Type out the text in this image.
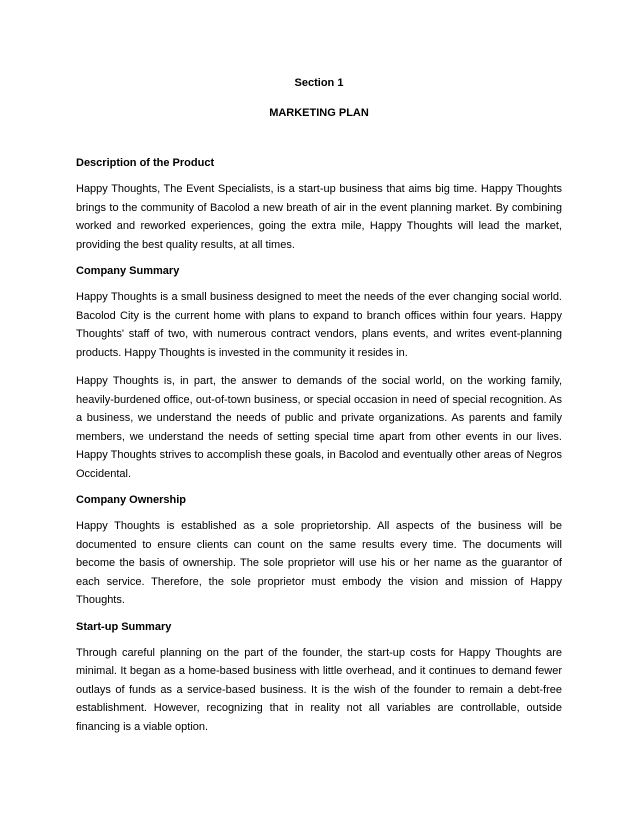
Section 1

MARKETING PLAN

Description of the Product

Happy Thoughts, The Event Specialists, is a start-up business that aims big time. Happy Thoughts brings to the community of Bacolod a new breath of air in the event planning market. By combining worked and reworked experiences, going the extra mile, Happy Thoughts will lead the market, providing the best quality results, at all times.

Company Summary

Happy Thoughts is a small business designed to meet the needs of the ever changing social world. Bacolod City is the current home with plans to expand to branch offices within four years. Happy Thoughts' staff of two, with numerous contract vendors, plans events, and writes event-planning products. Happy Thoughts is invested in the community it resides in.

Happy Thoughts is, in part, the answer to demands of the social world, on the working family, heavily-burdened office, out-of-town business, or special occasion in need of special recognition. As a business, we understand the needs of public and private organizations. As parents and family members, we understand the needs of setting special time apart from other events in our lives. Happy Thoughts strives to accomplish these goals, in Bacolod and eventually other areas of Negros Occidental.

Company Ownership

Happy Thoughts is established as a sole proprietorship. All aspects of the business will be documented to ensure clients can count on the same results every time. The documents will become the basis of ownership. The sole proprietor will use his or her name as the guarantor of each service. Therefore, the sole proprietor must embody the vision and mission of Happy Thoughts.

Start-up Summary

Through careful planning on the part of the founder, the start-up costs for Happy Thoughts are minimal. It began as a home-based business with little overhead, and it continues to demand fewer outlays of funds as a service-based business. It is the wish of the founder to remain a debt-free establishment. However, recognizing that in reality not all variables are controllable, outside financing is a viable option.
